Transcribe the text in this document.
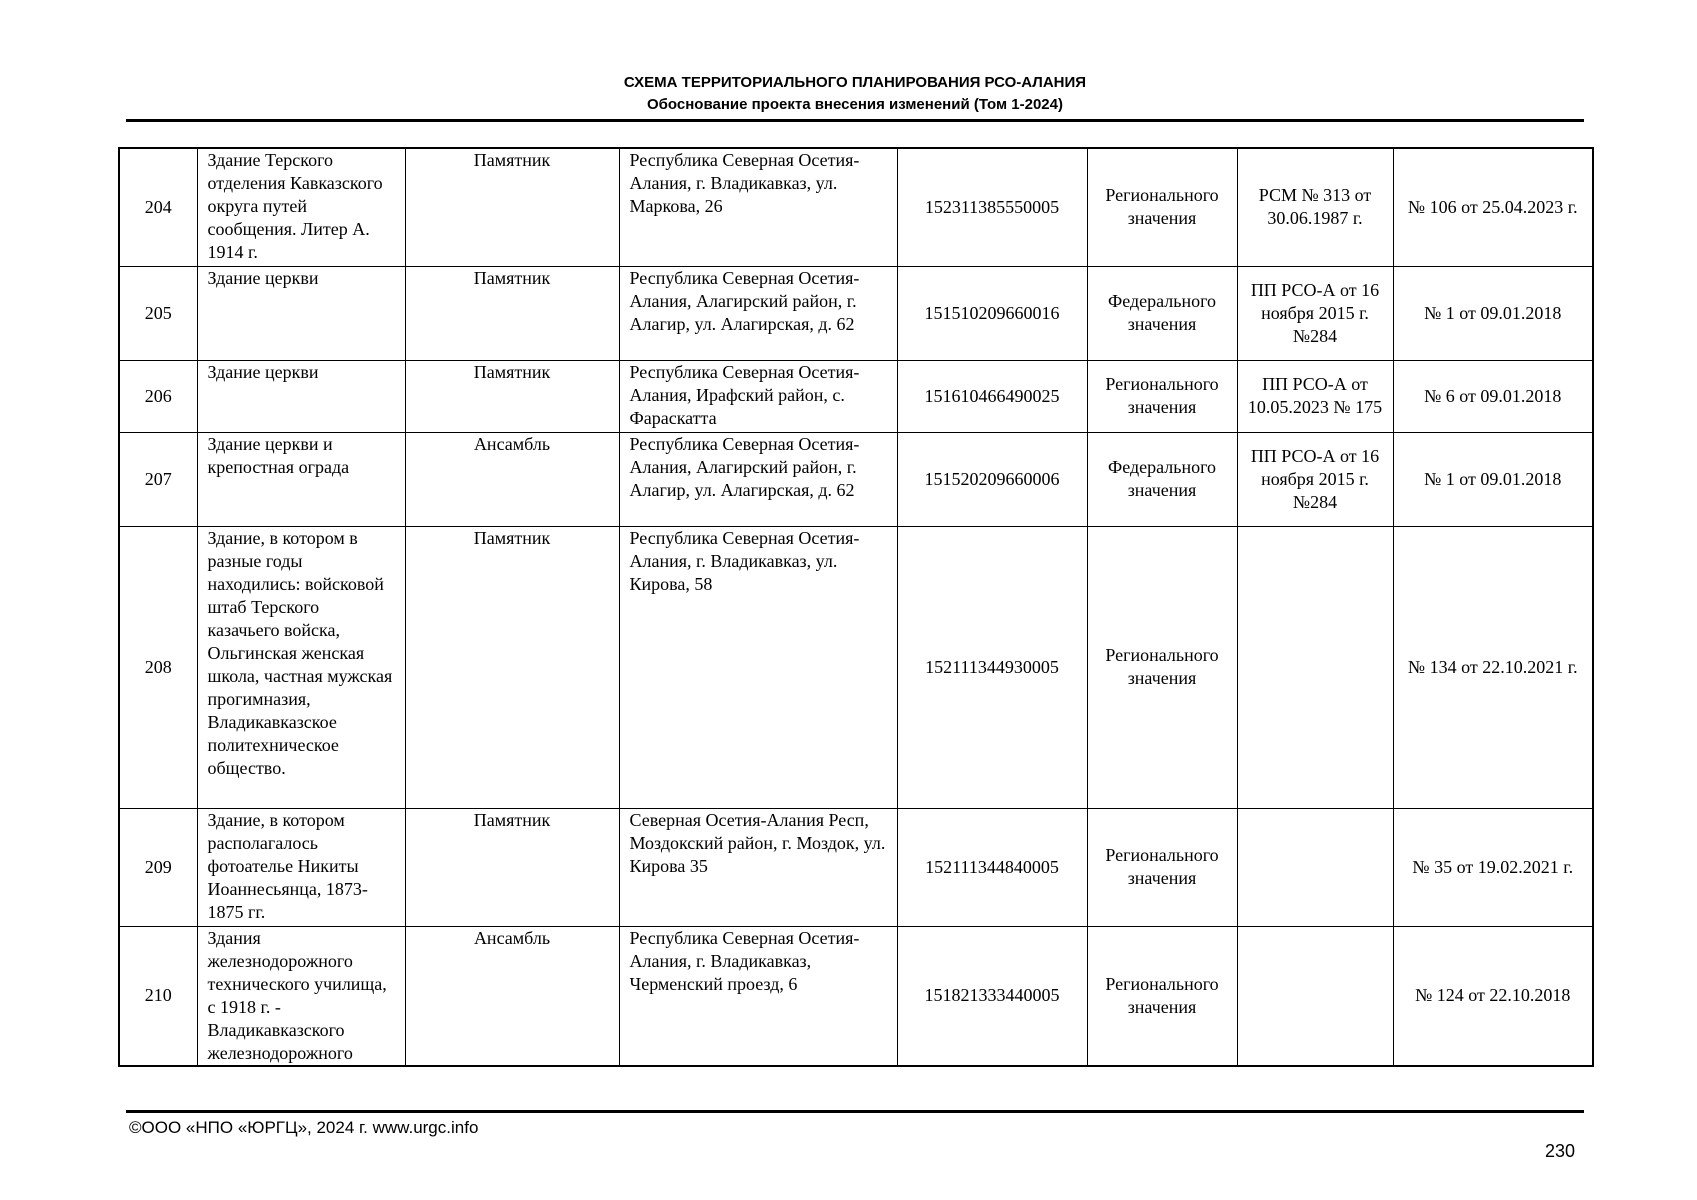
СХЕМА ТЕРРИТОРИАЛЬНОГО ПЛАНИРОВАНИЯ РСО-АЛАНИЯ
Обоснование проекта внесения изменений (Том 1-2024)
204	Здание Терского отделения Кавказского округа путей сообщения. Литер А. 1914 г.	Памятник	Республика Северная Осетия-Алания, г. Владикавказ, ул. Маркова, 26	152311385550005	Регионального значения	РСМ № 313 от 30.06.1987 г.	№ 106 от 25.04.2023 г.
205	Здание церкви	Памятник	Республика Северная Осетия-Алания, Алагирский район, г. Алагир, ул. Алагирская, д. 62	151510209660016	Федерального значения	ПП РСО-А от 16 ноября 2015 г. №284	№ 1 от 09.01.2018
206	Здание церкви	Памятник	Республика Северная Осетия-Алания, Ирафский район, с. Фараскатта	151610466490025	Регионального значения	ПП РСО-А от 10.05.2023 № 175	№ 6 от 09.01.2018
207	Здание церкви и крепостная ограда	Ансамбль	Республика Северная Осетия-Алания, Алагирский район, г. Алагир, ул. Алагирская, д. 62	151520209660006	Федерального значения	ПП РСО-А от 16 ноября 2015 г. №284	№ 1 от 09.01.2018
208	Здание, в котором в разные годы находились: войсковой штаб Терского казачьего войска, Ольгинская женская школа, частная мужская прогимназия, Владикавказское политехническое общество.	Памятник	Республика Северная Осетия-Алания, г. Владикавказ, ул. Кирова, 58	152111344930005	Регионального значения		№ 134 от 22.10.2021 г.
209	Здание, в котором располагалось фотоателье Никиты Иоаннесьянца, 1873-1875 гг.	Памятник	Северная Осетия-Алания Респ, Моздокский район, г. Моздок, ул. Кирова 35	152111344840005	Регионального значения		№ 35 от 19.02.2021 г.
210	Здания железнодорожного технического училища, с 1918 г. - Владикавказского железнодорожного	Ансамбль	Республика Северная Осетия-Алания, г. Владикавказ, Черменский проезд, 6	151821333440005	Регионального значения		№ 124 от 22.10.2018
©ООО «НПО «ЮРГЦ», 2024 г. www.urgc.info
230
